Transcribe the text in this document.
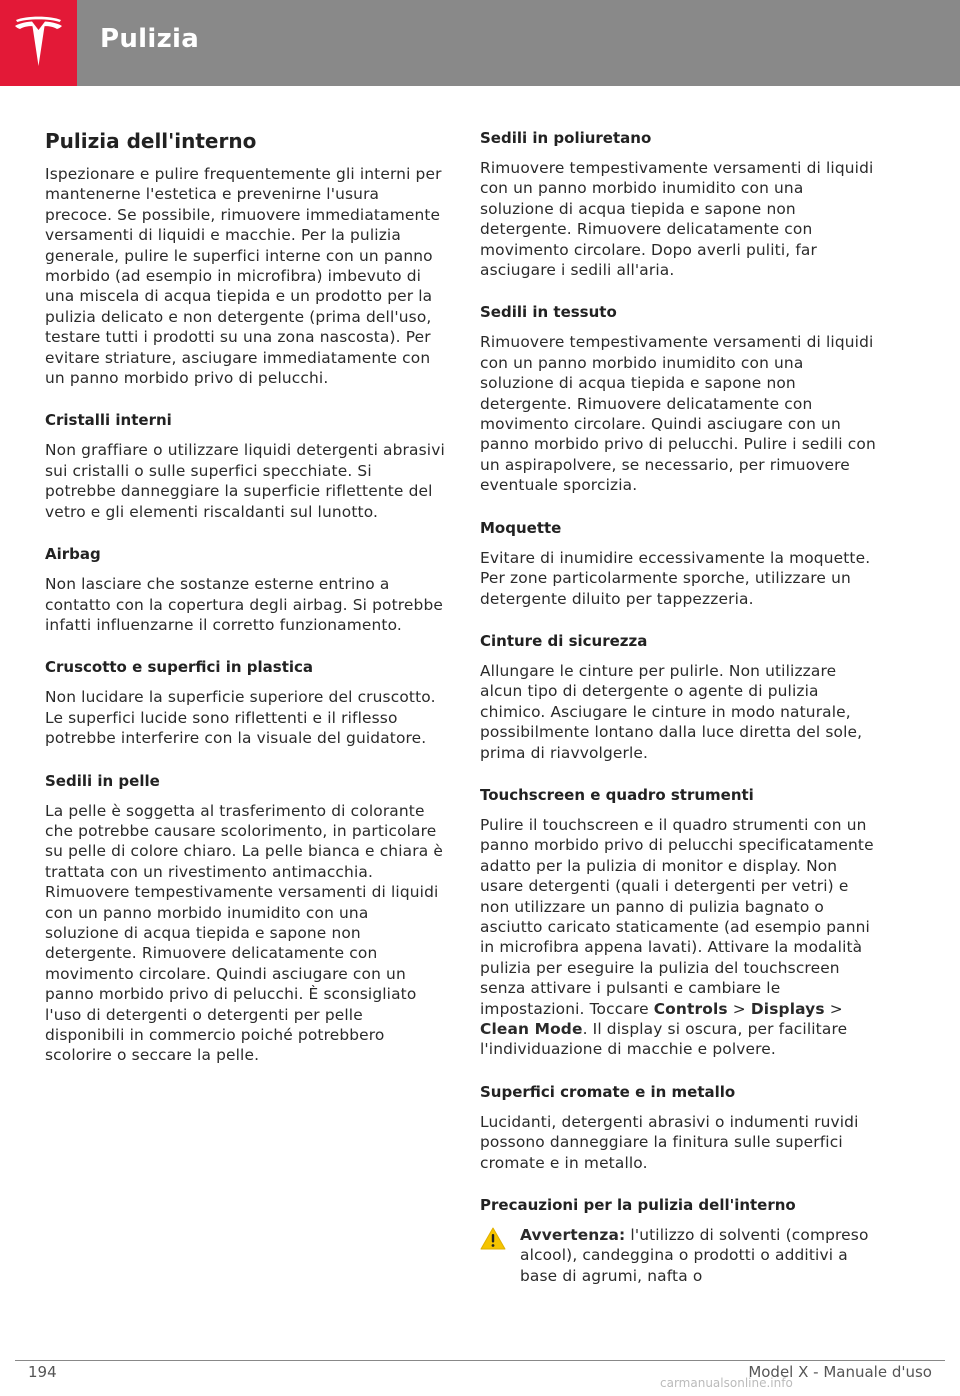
Pulizia
Pulizia dell'interno

Ispezionare e pulire frequentemente gli interni per mantenerne l'estetica e prevenirne l'usura precoce. Se possibile, rimuovere immediatamente versamenti di liquidi e macchie. Per la pulizia generale, pulire le superfici interne con un panno morbido (ad esempio in microfibra) imbevuto di una miscela di acqua tiepida e un prodotto per la pulizia delicato e non detergente (prima dell'uso, testare tutti i prodotti su una zona nascosta). Per evitare striature, asciugare immediatamente con un panno morbido privo di pelucchi.

Cristalli interni

Non graffiare o utilizzare liquidi detergenti abrasivi sui cristalli o sulle superfici specchiate. Si potrebbe danneggiare la superficie riflettente del vetro e gli elementi riscaldanti sul lunotto.

Airbag

Non lasciare che sostanze esterne entrino a contatto con la copertura degli airbag. Si potrebbe infatti influenzarne il corretto funzionamento.

Cruscotto e superfici in plastica

Non lucidare la superficie superiore del cruscotto. Le superfici lucide sono riflettenti e il riflesso potrebbe interferire con la visuale del guidatore.

Sedili in pelle

La pelle è soggetta al trasferimento di colorante che potrebbe causare scolorimento, in particolare su pelle di colore chiaro. La pelle bianca e chiara è trattata con un rivestimento antimacchia. Rimuovere tempestivamente versamenti di liquidi con un panno morbido inumidito con una soluzione di acqua tiepida e sapone non detergente. Rimuovere delicatamente con movimento circolare. Quindi asciugare con un panno morbido privo di pelucchi. È sconsigliato l'uso di detergenti o detergenti per pelle disponibili in commercio poiché potrebbero scolorire o seccare la pelle.

Sedili in poliuretano

Rimuovere tempestivamente versamenti di liquidi con un panno morbido inumidito con una soluzione di acqua tiepida e sapone non detergente. Rimuovere delicatamente con movimento circolare. Dopo averli puliti, far asciugare i sedili all'aria.

Sedili in tessuto

Rimuovere tempestivamente versamenti di liquidi con un panno morbido inumidito con una soluzione di acqua tiepida e sapone non detergente. Rimuovere delicatamente con movimento circolare. Quindi asciugare con un panno morbido privo di pelucchi. Pulire i sedili con un aspirapolvere, se necessario, per rimuovere eventuale sporcizia.

Moquette

Evitare di inumidire eccessivamente la moquette. Per zone particolarmente sporche, utilizzare un detergente diluito per tappezzeria.

Cinture di sicurezza

Allungare le cinture per pulirle. Non utilizzare alcun tipo di detergente o agente di pulizia chimico. Asciugare le cinture in modo naturale, possibilmente lontano dalla luce diretta del sole, prima di riavvolgerle.

Touchscreen e quadro strumenti

Pulire il touchscreen e il quadro strumenti con un panno morbido privo di pelucchi specificatamente adatto per la pulizia di monitor e display. Non usare detergenti (quali i detergenti per vetri) e non utilizzare un panno di pulizia bagnato o asciutto caricato staticamente (ad esempio panni in microfibra appena lavati). Attivare la modalità pulizia per eseguire la pulizia del touchscreen senza attivare i pulsanti e cambiare le impostazioni. Toccare Controls > Displays > Clean Mode. Il display si oscura, per facilitare l'individuazione di macchie e polvere.

Superfici cromate e in metallo

Lucidanti, detergenti abrasivi o indumenti ruvidi possono danneggiare la finitura sulle superfici cromate e in metallo.

Precauzioni per la pulizia dell'interno
Avvertenza: l'utilizzo di solventi (compreso alcool), candeggina o prodotti o additivi a base di agrumi, nafta o
194	Model X - Manuale d'uso
carmanualsonline.info
